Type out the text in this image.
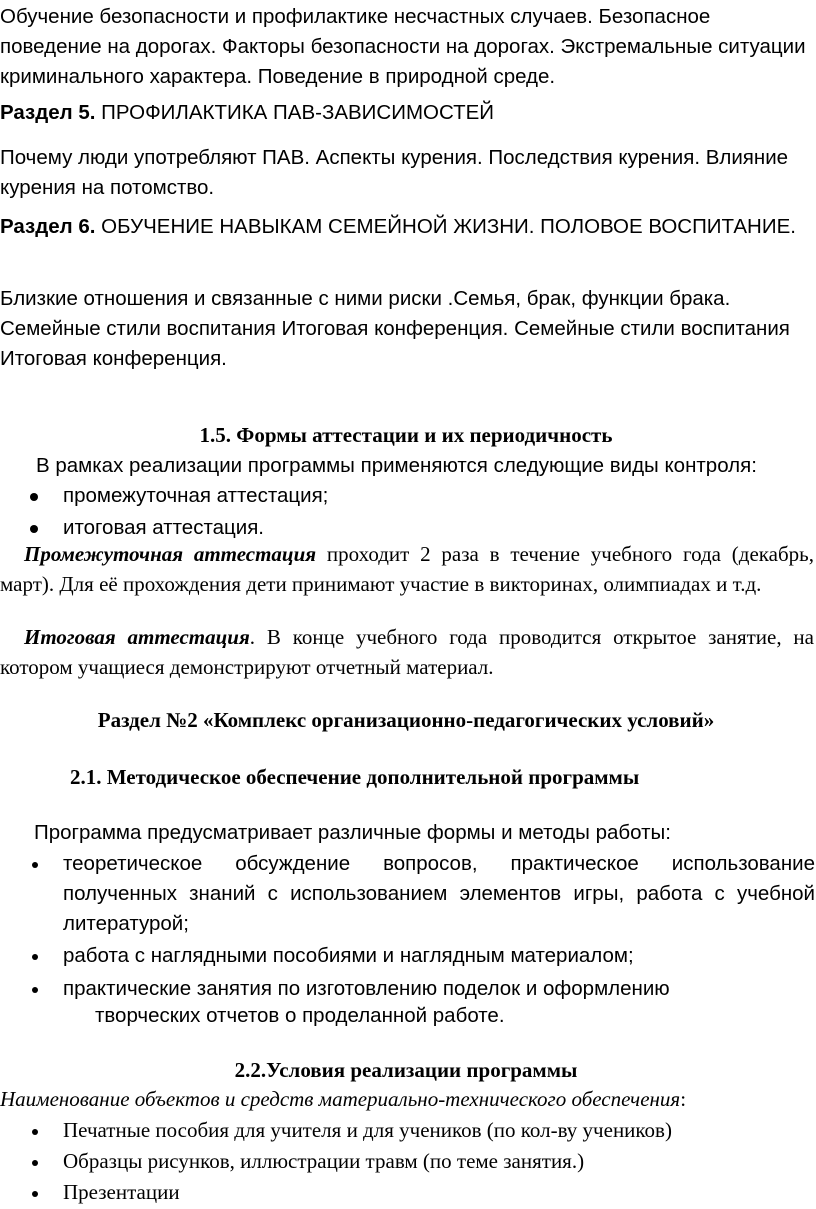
Обучение безопасности и профилактике несчастных случаев. Безопасное поведение на дорогах. Факторы безопасности на дорогах. Экстремальные ситуации криминального характера. Поведение в природной среде.

Раздел 5. ПРОФИЛАКТИКА ПАВ-ЗАВИСИМОСТЕЙ

Почему люди употребляют ПАВ. Аспекты курения. Последствия курения. Влияние курения на потомство.

Раздел 6. ОБУЧЕНИЕ НАВЫКАМ СЕМЕЙНОЙ ЖИЗНИ. ПОЛОВОЕ ВОСПИТАНИЕ.

Близкие отношения и связанные с ними риски .Семья, брак, функции брака. Семейные стили воспитания Итоговая конференция. Семейные стили воспитания Итоговая конференция.

1.5. Формы аттестации и их периодичность

В рамках реализации программы применяются следующие виды контроля:

промежуточная аттестация;
итоговая аттестация.

Промежуточная аттестация проходит 2 раза в течение учебного года (декабрь, март). Для её прохождения дети принимают участие в викторинах, олимпиадах и т.д.

Итоговая аттестация. В конце учебного года проводится открытое занятие, на котором учащиеся демонстрируют отчетный материал.

Раздел №2 «Комплекс организационно-педагогических условий»

2.1. Методическое обеспечение дополнительной программы

Программа предусматривает различные формы и методы работы:

теоретическое обсуждение вопросов, практическое использование полученных знаний с использованием элементов игры, работа с учебной литературой;
работа с наглядными пособиями и наглядным материалом;
практические занятия по изготовлению поделок и оформлению

творческих отчетов о проделанной работе.

2.2.Условия реализации программы

Наименование объектов и средств материально-технического обеспечения:

Печатные пособия для учителя и для учеников (по кол-ву учеников)
Образцы рисунков, иллюстрации травм (по теме занятия.)
Презентации
